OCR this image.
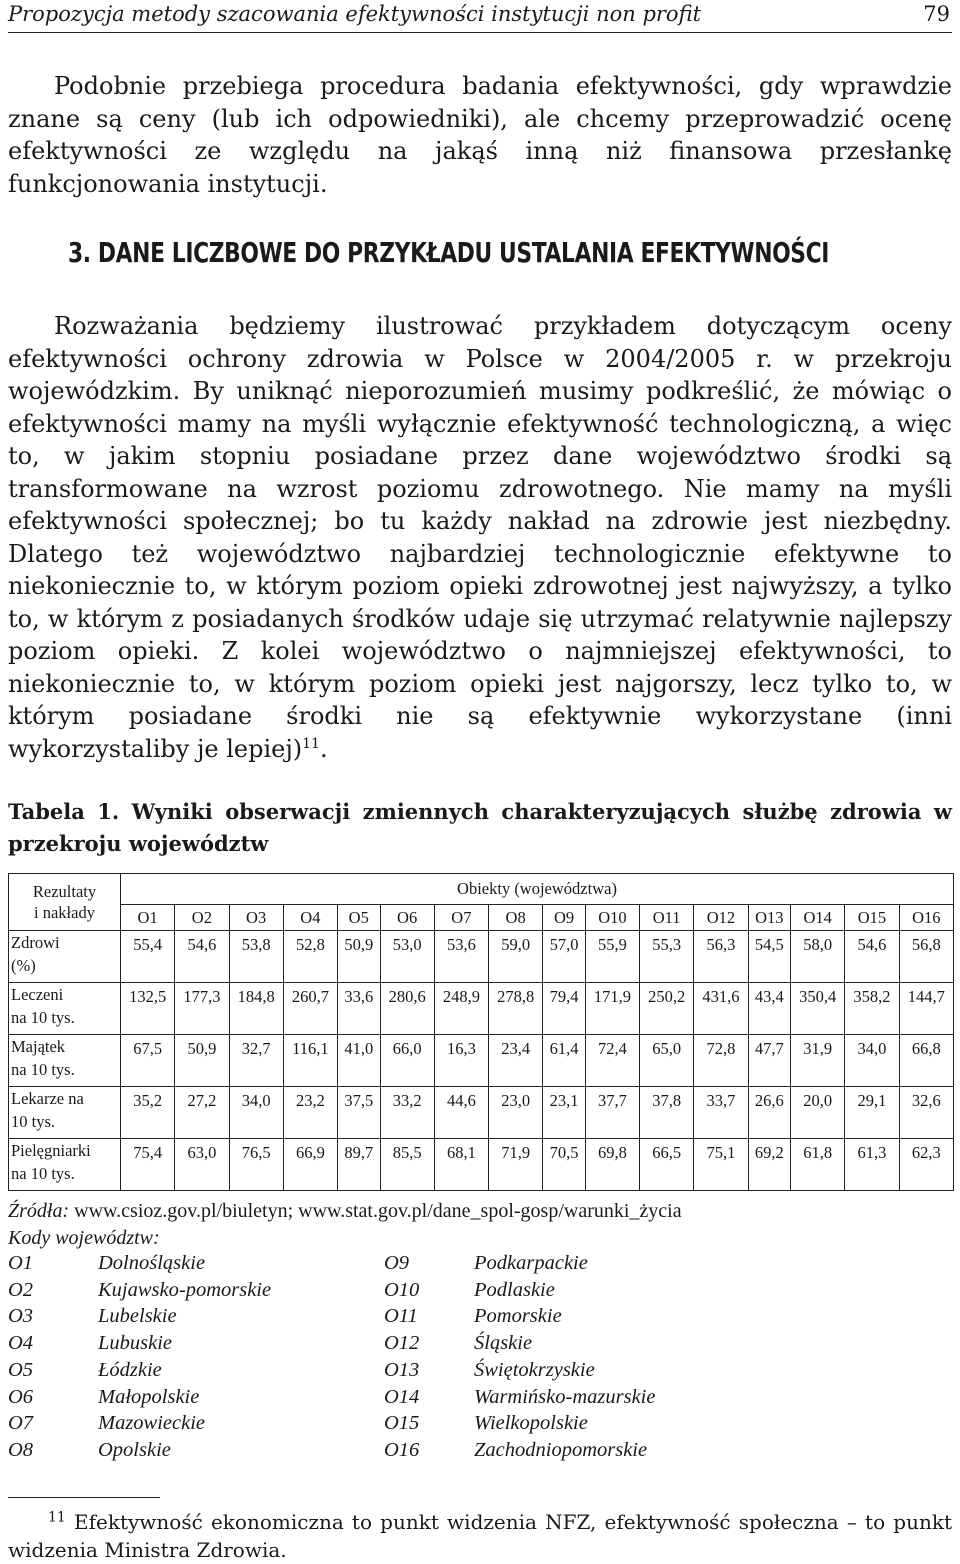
Propozycja metody szacowania efektywności instytucji non profit	79

Podobnie przebiega procedura badania efektywności, gdy wprawdzie znane są ceny (lub ich odpowiedniki), ale chcemy przeprowadzić ocenę efektywności ze względu na jakąś inną niż finansowa przesłankę funkcjonowania instytucji.

3. DANE LICZBOWE DO PRZYKŁADU USTALANIA EFEKTYWNOŚCI

Rozważania będziemy ilustrować przykładem dotyczącym oceny efektywności ochrony zdrowia w Polsce w 2004/2005 r. w przekroju wojewódzkim. By uniknąć nieporozumień musimy podkreślić, że mówiąc o efektywności mamy na myśli wyłącznie efektywność technologiczną, a więc to, w jakim stopniu posiadane przez dane województwo środki są transformowane na wzrost poziomu zdrowotnego. Nie mamy na myśli efektywności społecznej; bo tu każdy nakład na zdrowie jest niezbędny. Dlatego też województwo najbardziej technologicznie efektywne to niekoniecznie to, w którym poziom opieki zdrowotnej jest najwyższy, a tylko to, w którym z posiadanych środków udaje się utrzymać relatywnie najlepszy poziom opieki. Z kolei województwo o najmniejszej efektywności, to niekoniecznie to, w którym poziom opieki jest najgorszy, lecz tylko to, w którym posiadane środki nie są efektywnie wykorzystane (inni wykorzystaliby je lepiej)$^{11}$.

Tabela 1. Wyniki obserwacji zmiennych charakteryzujących służbę zdrowia w przekroju województw
Rezultaty
i nakłady	Obiekty (województwa)															
	O1	O2	O3	O4	O5	O6	O7	O8	O9	O10	O11	O12	O13	O14	O15	O16
Zdrowi
(%)	55,4	54,6	53,8	52,8	50,9	53,0	53,6	59,0	57,0	55,9	55,3	56,3	54,5	58,0	54,6	56,8
Leczeni
na 10 tys.	132,5	177,3	184,8	260,7	33,6	280,6	248,9	278,8	79,4	171,9	250,2	431,6	43,4	350,4	358,2	144,7
Majątek
na 10 tys.	67,5	50,9	32,7	116,1	41,0	66,0	16,3	23,4	61,4	72,4	65,0	72,8	47,7	31,9	34,0	66,8
Lekarze na
10 tys.	35,2	27,2	34,0	23,2	37,5	33,2	44,6	23,0	23,1	37,7	37,8	33,7	26,6	20,0	29,1	32,6
Pielęgniarki
na 10 tys.	75,4	63,0	76,5	66,9	89,7	85,5	68,1	71,9	70,5	69,8	66,5	75,1	69,2	61,8	61,3	62,3
Źródła: www.csioz.gov.pl/biuletyn; www.stat.gov.pl/dane_spol-gosp/warunki_życia
Kody województw:
O1	Dolnośląskie
O2	Kujawsko-pomorskie
O3	Lubelskie
O4	Lubuskie
O5	Łódzkie
O6	Małopolskie
O7	Mazowieckie
O8	Opolskie
O9	Podkarpackie
O10	Podlaskie
O11	Pomorskie
O12	Śląskie
O13	Świętokrzyskie
O14	Warmińsko-mazurskie
O15	Wielkopolskie
O16	Zachodniopomorskie

$^{11}$ Efektywność ekonomiczna to punkt widzenia NFZ, efektywność społeczna – to punkt widzenia Ministra Zdrowia.
